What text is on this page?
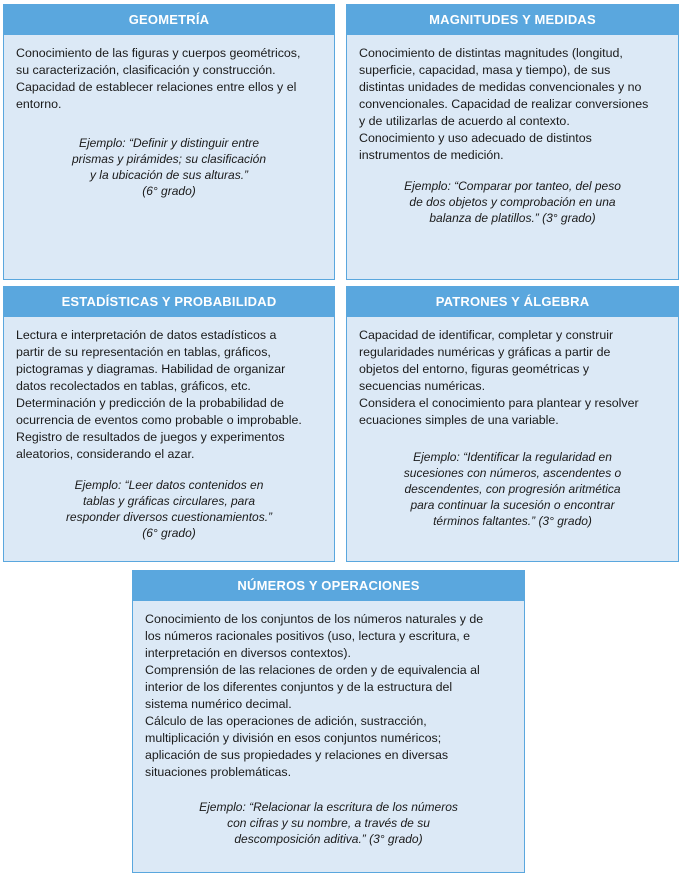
GEOMETRÍA

Conocimiento de las figuras y cuerpos geométricos,
su caracterización, clasificación y construcción.
Capacidad de establecer relaciones entre ellos y el
entorno.

Ejemplo: “Definir y distinguir entre
prismas y pirámides; su clasificación
y la ubicación de sus alturas.”
(6° grado)

MAGNITUDES Y MEDIDAS

Conocimiento de distintas magnitudes (longitud,
superficie, capacidad, masa y tiempo), de sus
distintas unidades de medidas convencionales y no
convencionales. Capacidad de realizar conversiones
y de utilizarlas de acuerdo al contexto.
Conocimiento y uso adecuado de distintos
instrumentos de medición.

Ejemplo: “Comparar por tanteo, del peso
de dos objetos y comprobación en una
balanza de platillos.” (3° grado)

ESTADÍSTICAS Y PROBABILIDAD

Lectura e interpretación de datos estadísticos a
partir de su representación en tablas, gráficos,
pictogramas y diagramas. Habilidad de organizar
datos recolectados en tablas, gráficos, etc.
Determinación y predicción de la probabilidad de
ocurrencia de eventos como probable o improbable.
Registro de resultados de juegos y experimentos
aleatorios, considerando el azar.

Ejemplo: “Leer datos contenidos en
tablas y gráficas circulares, para
responder diversos cuestionamientos.”
(6° grado)

PATRONES Y ÁLGEBRA

Capacidad de identificar, completar y construir
regularidades numéricas y gráficas a partir de
objetos del entorno, figuras geométricas y
secuencias numéricas.
Considera el conocimiento para plantear y resolver
ecuaciones simples de una variable.

Ejemplo: “Identificar la regularidad en
sucesiones con números, ascendentes o
descendentes, con progresión aritmética
para continuar la sucesión o encontrar
términos faltantes.” (3° grado)

NÚMEROS Y OPERACIONES

Conocimiento de los conjuntos de los números naturales y de
los números racionales positivos (uso, lectura y escritura, e
interpretación en diversos contextos).
Comprensión de las relaciones de orden y de equivalencia al
interior de los diferentes conjuntos y de la estructura del
sistema numérico decimal.
Cálculo de las operaciones de adición, sustracción,
multiplicación y división en esos conjuntos numéricos;
aplicación de sus propiedades y relaciones en diversas
situaciones problemáticas.

Ejemplo: “Relacionar la escritura de los números
con cifras y su nombre, a través de su
descomposición aditiva.” (3° grado)
